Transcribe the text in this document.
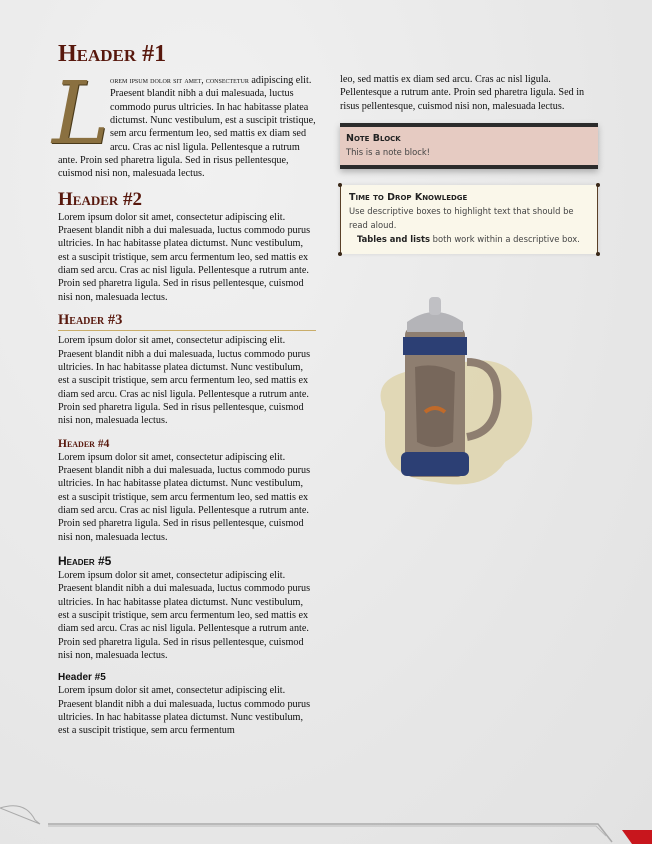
Header #1

Lorem ipsum dolor sit amet, consectetur adipiscing elit. Praesent blandit nibh a dui malesuada, luctus commodo purus ultricies. In hac habitasse platea dictumst. Nunc vestibulum, est a suscipit tristique, sem arcu fermentum leo, sed mattis ex diam sed arcu. Cras ac nisl ligula. Pellentesque a rutrum ante. Proin sed pharetra ligula. Sed in risus pellentesque, cuismod nisi non, malesuada lectus.

Header #2

Lorem ipsum dolor sit amet, consectetur adipiscing elit. Praesent blandit nibh a dui malesuada, luctus commodo purus ultricies. In hac habitasse platea dictumst. Nunc vestibulum, est a suscipit tristique, sem arcu fermentum leo, sed mattis ex diam sed arcu. Cras ac nisl ligula. Pellentesque a rutrum ante. Proin sed pharetra ligula. Sed in risus pellentesque, cuismod nisi non, malesuada lectus.

Header #3

Lorem ipsum dolor sit amet, consectetur adipiscing elit. Praesent blandit nibh a dui malesuada, luctus commodo purus ultricies. In hac habitasse platea dictumst. Nunc vestibulum, est a suscipit tristique, sem arcu fermentum leo, sed mattis ex diam sed arcu. Cras ac nisl ligula. Pellentesque a rutrum ante. Proin sed pharetra ligula. Sed in risus pellentesque, cuismod nisi non, malesuada lectus.

Header #4

Lorem ipsum dolor sit amet, consectetur adipiscing elit. Praesent blandit nibh a dui malesuada, luctus commodo purus ultricies. In hac habitasse platea dictumst. Nunc vestibulum, est a suscipit tristique, sem arcu fermentum leo, sed mattis ex diam sed arcu. Cras ac nisl ligula. Pellentesque a rutrum ante. Proin sed pharetra ligula. Sed in risus pellentesque, cuismod nisi non, malesuada lectus.

Header #5

Lorem ipsum dolor sit amet, consectetur adipiscing elit. Praesent blandit nibh a dui malesuada, luctus commodo purus ultricies. In hac habitasse platea dictumst. Nunc vestibulum, est a suscipit tristique, sem arcu fermentum leo, sed mattis ex diam sed arcu. Cras ac nisl ligula. Pellentesque a rutrum ante. Proin sed pharetra ligula. Sed in risus pellentesque, cuismod nisi non, malesuada lectus.

Header #5

Lorem ipsum dolor sit amet, consectetur adipiscing elit. Praesent blandit nibh a dui malesuada, luctus commodo purus ultricies. In hac habitasse platea dictumst. Nunc vestibulum, est a suscipit tristique, sem arcu fermentum

leo, sed mattis ex diam sed arcu. Cras ac nisl ligula. Pellentesque a rutrum ante. Proin sed pharetra ligula. Sed in risus pellentesque, cuismod nisi non, malesuada lectus.

Note Block
This is a note block!
Time to Drop Knowledge
Use descriptive boxes to highlight text that should be read aloud.
Tables and lists both work within a descriptive box.
